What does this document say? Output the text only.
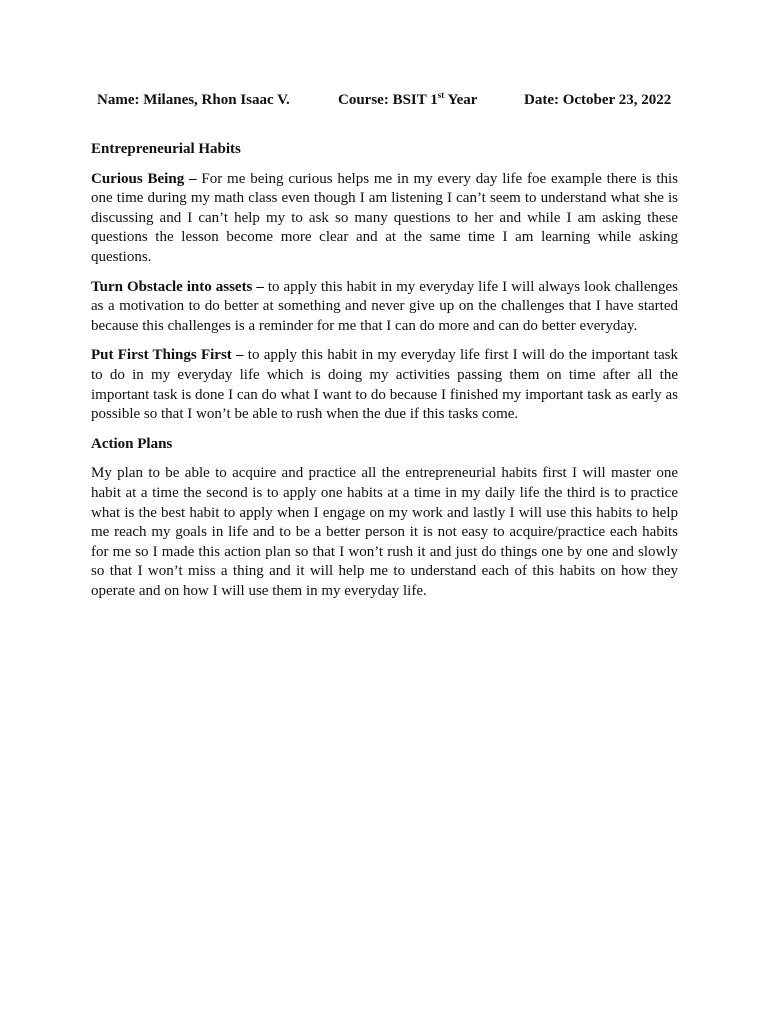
Name: Milanes, Rhon Isaac V.	Course: BSIT 1st Year	Date: October 23, 2022

Entrepreneurial Habits

Curious Being – For me being curious helps me in my every day life foe example there is this one time during my math class even though I am listening I can’t seem to understand what she is discussing and I can’t help my to ask so many questions to her and while I am asking these questions the lesson become more clear and at the same time I am learning while asking questions.

Turn Obstacle into assets – to apply this habit in my everyday life I will always look challenges as a motivation to do better at something and never give up on the challenges that I have started because this challenges is a reminder for me that I can do more and can do better everyday.

Put First Things First – to apply this habit in my everyday life first I will do the important task to do in my everyday life which is doing my activities passing them on time after all the important task is done I can do what I want to do because I finished my important task as early as possible so that I won’t be able to rush when the due if this tasks come.

Action Plans

My plan to be able to acquire and practice all the entrepreneurial habits first I will master one habit at a time the second is to apply one habits at a time in my daily life the third is to practice what is the best habit to apply when I engage on my work and lastly I will use this habits to help me reach my goals in life and to be a better person it is not easy to acquire/practice each habits for me so I made this action plan so that I won’t rush it and just do things one by one and slowly so that I won’t miss a thing and it will help me to understand each of this habits on how they operate and on how I will use them in my everyday life.
